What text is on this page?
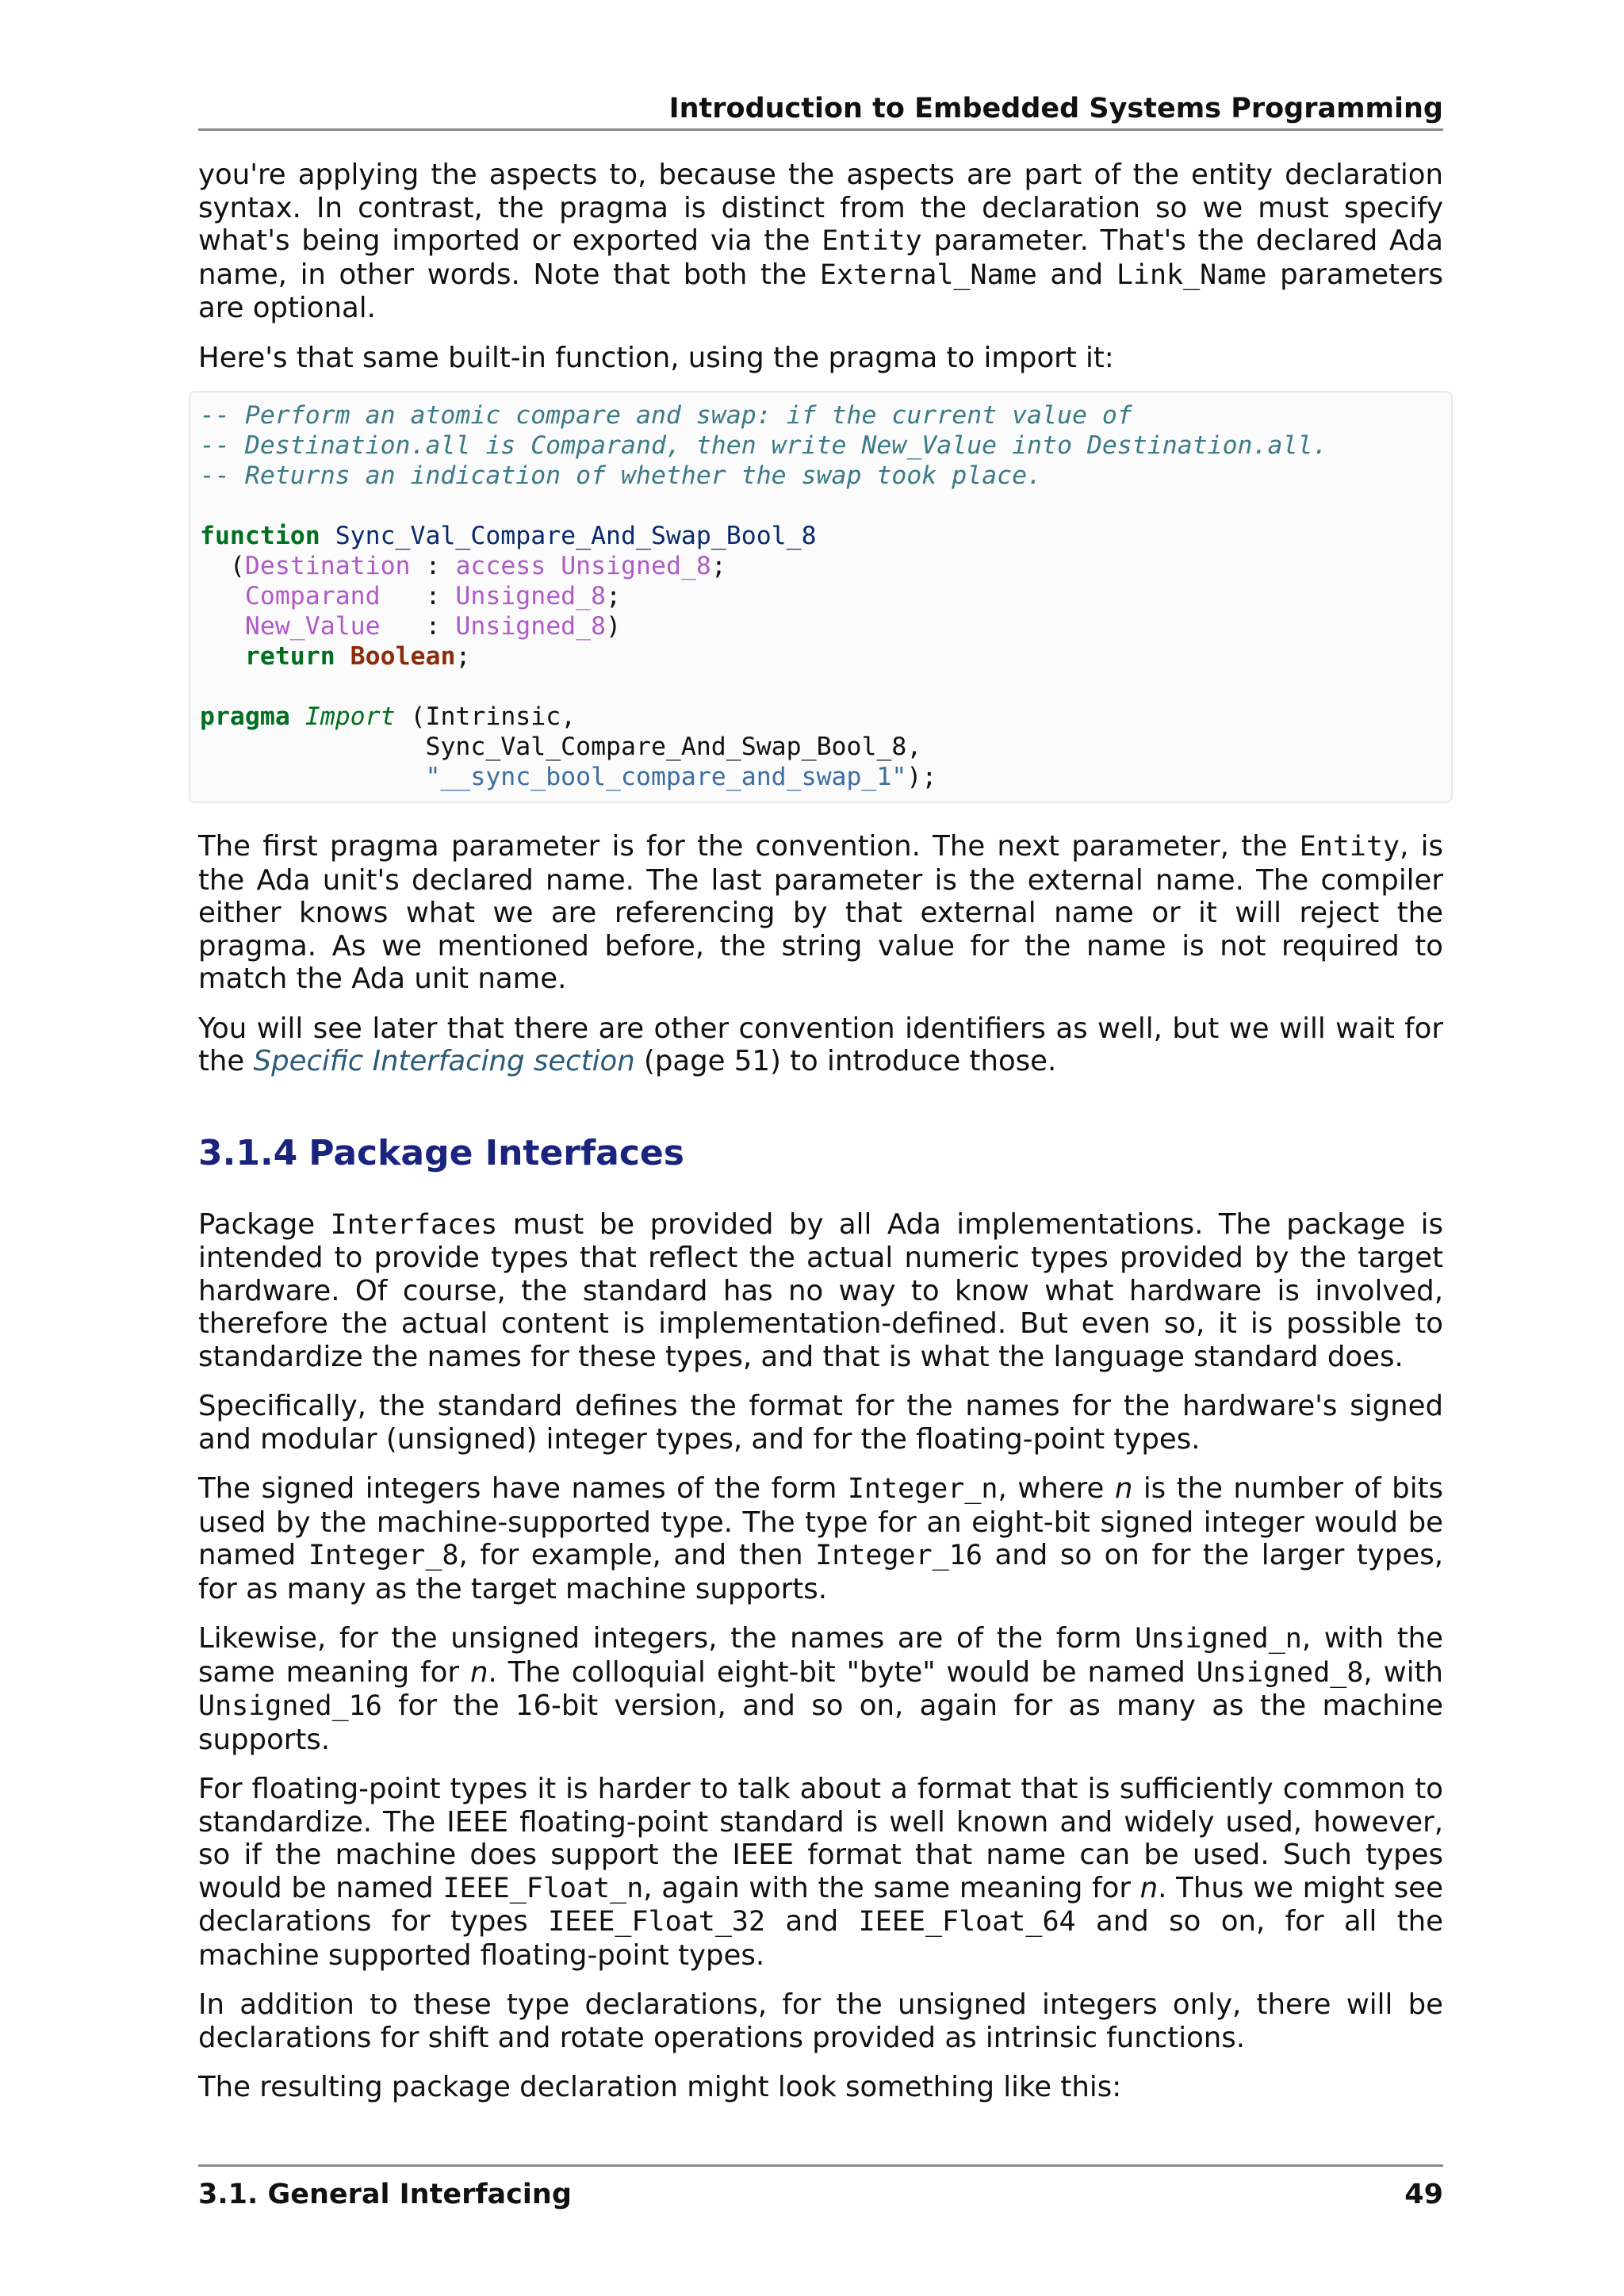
Introduction to Embedded Systems Programming

you're applying the aspects to, because the aspects are part of the entity declaration syntax. In contrast, the pragma is distinct from the declaration so we must specify what's being imported or exported via the Entity parameter. That's the declared Ada name, in other words. Note that both the External_Name and Link_Name parameters are optional.

Here's that same built-in function, using the pragma to import it:

-- Perform an atomic compare and swap: if the current value of
-- Destination.all is Comparand, then write New_Value into Destination.all.
-- Returns an indication of whether the swap took place.
function Sync_Val_Compare_And_Swap_Bool_8
(Destination : access Unsigned_8;
Comparand   : Unsigned_8;
New_Value   : Unsigned_8)
return Boolean;
pragma Import (Intrinsic,
Sync_Val_Compare_And_Swap_Bool_8,
"__sync_bool_compare_and_swap_1");

The first pragma parameter is for the convention. The next parameter, the Entity, is the Ada unit's declared name. The last parameter is the external name. The compiler either knows what we are referencing by that external name or it will reject the pragma. As we mentioned before, the string value for the name is not required to match the Ada unit name.

You will see later that there are other convention identifiers as well, but we will wait for the Specific Interfacing section (page 51) to introduce those.

3.1.4 Package Interfaces

Package Interfaces must be provided by all Ada implementations. The package is intended to provide types that reflect the actual numeric types provided by the target hardware. Of course, the standard has no way to know what hardware is involved, therefore the actual content is implementation-defined. But even so, it is possible to standardize the names for these types, and that is what the language standard does.

Specifically, the standard defines the format for the names for the hardware's signed and modular (unsigned) integer types, and for the floating-point types.

The signed integers have names of the form Integer_n, where n is the number of bits used by the machine-supported type. The type for an eight-bit signed integer would be named Integer_8, for example, and then Integer_16 and so on for the larger types, for as many as the target machine supports.

Likewise, for the unsigned integers, the names are of the form Unsigned_n, with the same meaning for n. The colloquial eight-bit "byte" would be named Unsigned_8, with Unsigned_16 for the 16-bit version, and so on, again for as many as the machine supports.

For floating-point types it is harder to talk about a format that is sufficiently common to standardize. The IEEE floating-point standard is well known and widely used, however, so if the machine does support the IEEE format that name can be used. Such types would be named IEEE_Float_n, again with the same meaning for n. Thus we might see declarations for types IEEE_Float_32 and IEEE_Float_64 and so on, for all the machine supported floating-point types.

In addition to these type declarations, for the unsigned integers only, there will be declarations for shift and rotate operations provided as intrinsic functions.

The resulting package declaration might look something like this:

3.1. General Interfacing	49
